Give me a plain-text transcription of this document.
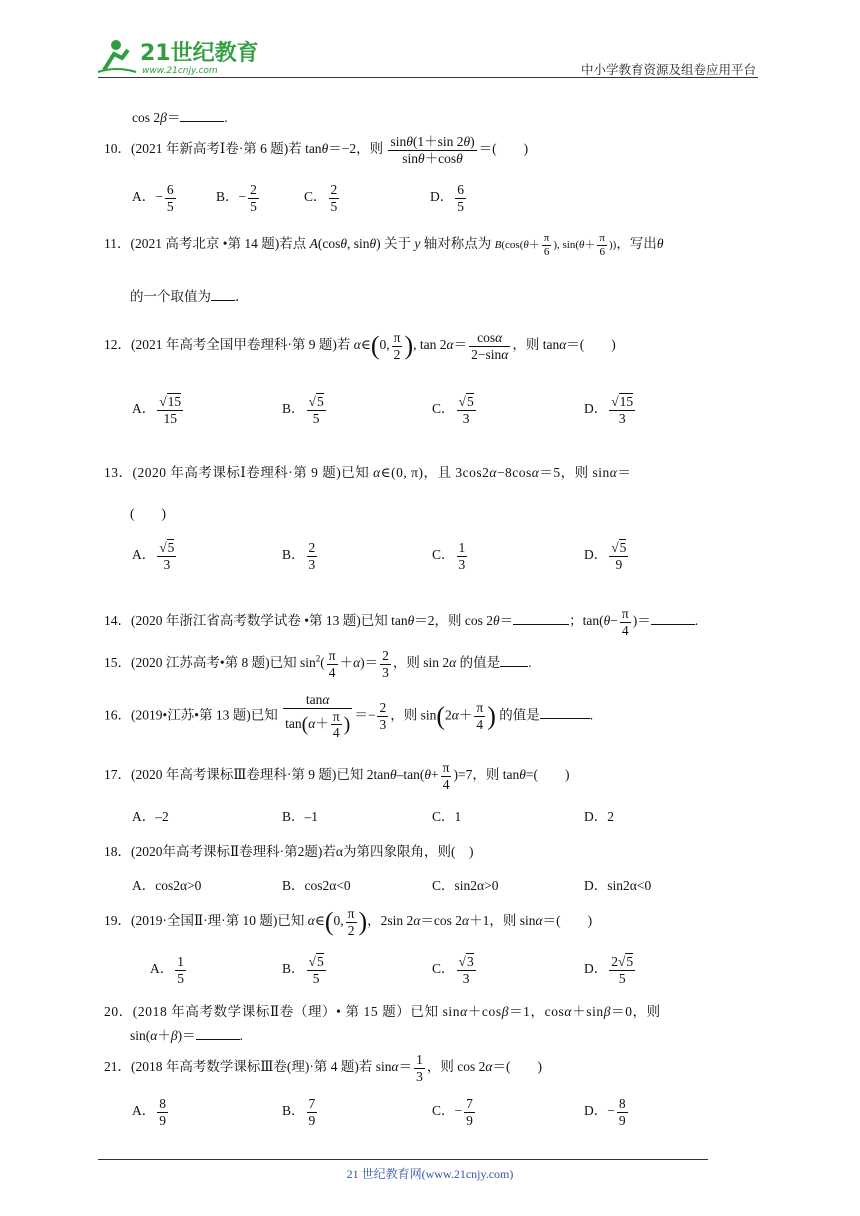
21世纪教育
www.21cnjy.com	中小学教育资源及组卷应用平台
cos 2β＝	.
10．(2021 年新高考Ⅰ卷·第 6 题)若 tanθ＝−2，则 $\frac{\sin\theta(1+\sin 2\theta)}{\sin\theta+\cos\theta}$ ＝(　　)
A．− $\frac{6}{5}$	B．− $\frac{2}{5}$	C． $\frac{2}{5}$	D． $\frac{6}{5}$
11．(2021 高考北京 •第 14 题)若点 A(cosθ, sinθ) 关于 y 轴对称点为 $B(\cos(\theta+ \frac{\pi}{6}$ ), $\sin(\theta+ \frac{\pi}{6}$ ))，写出θ
的一个取值为 ．
12．(2021 年高考全国甲卷理科·第 9 题)若 α∈(0, $\frac{\pi}{2}$ ), $\tan 2\alpha= \frac{\cos\alpha}{2-\sin\alpha}$ ，则 tanα＝(　　)
A． $\frac{√15}{15}$	B． $\frac{√5}{5}$	C． $\frac{√5}{3}$	D． $\frac{√15}{3}$
13．(2020 年高考课标Ⅰ卷理科·第 9 题)已知 α∈(0, π)，且 3cos2α−8cosα＝5，则 sinα＝
(　　)
A． $\frac{√5}{3}$	B． $\frac{2}{3}$	C． $\frac{1}{3}$	D． $\frac{√5}{9}$
14．(2020 年浙江省高考数学试卷 •第 13 题)已知 tanθ＝2，则 cos 2θ＝	；$\tan(\theta- \frac{\pi}{4}$ )＝	.
15．(2020 江苏高考•第 8 题)已知 $\sin^2( \frac{\pi}{4} +\alpha)= \frac{2}{3}$ ，则 sin 2α 的值是 .
16．(2019•江苏•第 13 题)已知 $\frac{\tan\alpha}{\tan(\alpha+ \frac{\pi}{4} )} =- \frac{2}{3}$ ，则 $\sin(2\alpha+ \frac{\pi}{4}$ ) 的值是	.
17．(2020 年高考课标Ⅲ卷理科·第 9 题)已知 $2\tan\theta-\tan(\theta+ \frac{\pi}{4} )=7$，则 tanθ=(　　)
A．–2	B．–1	C．1	D．2
18．(2020年高考课标Ⅱ卷理科·第2题)若α为第四象限角，则(　)
A．cos2α>0	B．cos2α<0	C．sin2α>0	D．sin2α<0
19．(2019·全国Ⅱ·理·第 10 题)已知 α∈(0, $\frac{\pi}{2}$ )，2sin 2α＝cos 2α＋1，则 sinα＝(　　)
A． $\frac{1}{5}$	B． $\frac{√5}{5}$	C． $\frac{√3}{3}$	D． $\frac{2√5}{5}$
20．(2018 年高考数学课标Ⅱ卷（理）• 第 15 题）已知 sinα＋cosβ＝1，cosα＋sinβ＝0，则
sin(α＋β)＝	.
21．(2018 年高考数学课标Ⅲ卷(理)·第 4 题)若 $\sin\alpha= \frac{1}{3}$ ，则 cos 2α＝(　　)
A． $\frac{8}{9}$	B． $\frac{7}{9}$	C．− $\frac{7}{9}$	D．− $\frac{8}{9}$
21 世纪教育网(www.21cnjy.com)
